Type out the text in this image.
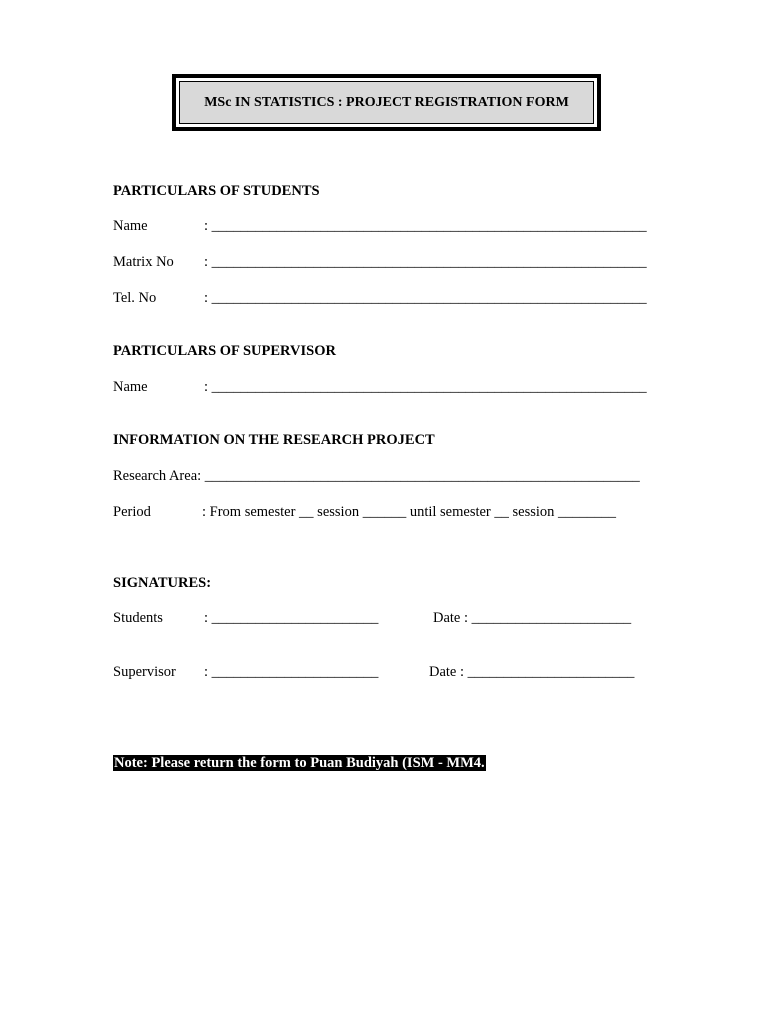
MSc IN STATISTICS : PROJECT REGISTRATION FORM
PARTICULARS OF STUDENTS
Name	: ____________________________________________________________
Matrix No : ____________________________________________________________
Tel. No	: ____________________________________________________________
PARTICULARS OF SUPERVISOR
Name	: ____________________________________________________________
INFORMATION ON THE RESEARCH PROJECT
Research Area: ____________________________________________________________
Period	: From semester __ session ______ until semester __ session ________
SIGNATURES:
Students	: _______________________	Date : ______________________
Supervisor : _______________________	Date : _______________________
Note: Please return the form to Puan Budiyah (ISM - MM4.
